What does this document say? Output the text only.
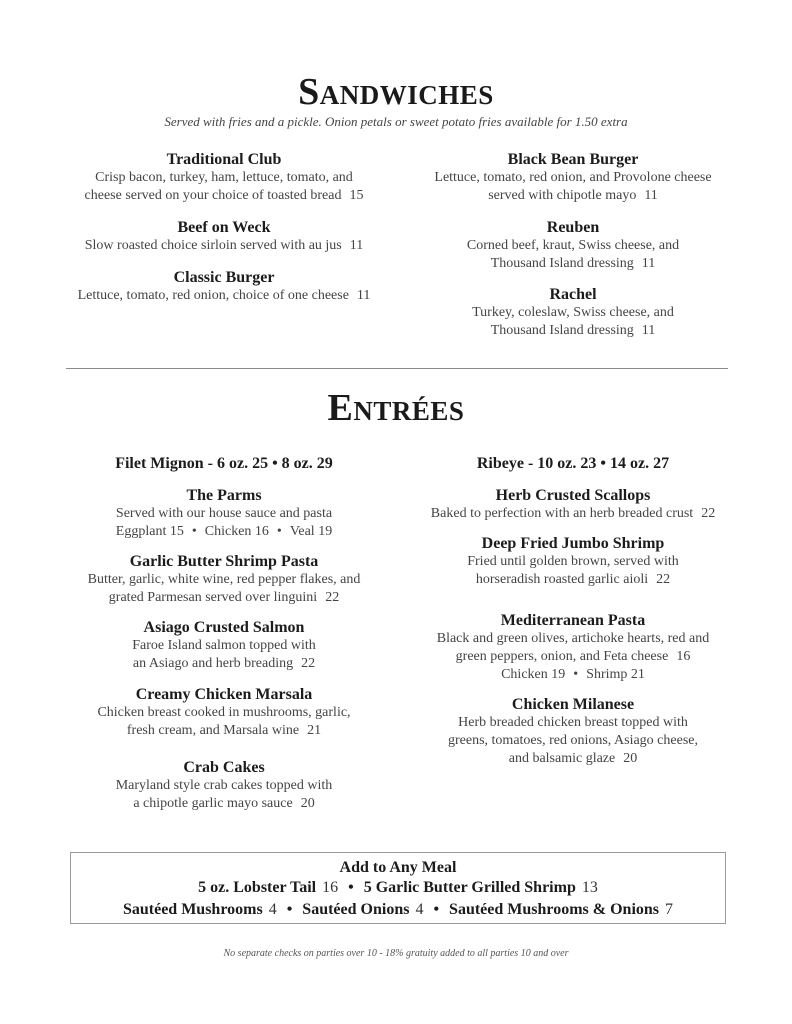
Sandwiches
Served with fries and a pickle. Onion petals or sweet potato fries available for 1.50 extra
Traditional Club
Crisp bacon, turkey, ham, lettuce, tomato, and
cheese served on your choice of toasted bread 15
Beef on Weck
Slow roasted choice sirloin served with au jus 11
Classic Burger
Lettuce, tomato, red onion, choice of one cheese 11
Black Bean Burger
Lettuce, tomato, red onion, and Provolone cheese
served with chipotle mayo 11
Reuben
Corned beef, kraut, Swiss cheese, and
Thousand Island dressing 11
Rachel
Turkey, coleslaw, Swiss cheese, and
Thousand Island dressing 11
Entrées
Filet Mignon - 6 oz. 25 • 8 oz. 29
The Parms
Served with our house sauce and pasta
Eggplant 15 • Chicken 16 • Veal 19
Garlic Butter Shrimp Pasta
Butter, garlic, white wine, red pepper flakes, and
grated Parmesan served over linguini 22
Asiago Crusted Salmon
Faroe Island salmon topped with
an Asiago and herb breading 22
Creamy Chicken Marsala
Chicken breast cooked in mushrooms, garlic,
fresh cream, and Marsala wine 21
Crab Cakes
Maryland style crab cakes topped with
a chipotle garlic mayo sauce 20
Ribeye - 10 oz. 23 • 14 oz. 27
Herb Crusted Scallops
Baked to perfection with an herb breaded crust 22
Deep Fried Jumbo Shrimp
Fried until golden brown, served with
horseradish roasted garlic aioli 22
Mediterranean Pasta
Black and green olives, artichoke hearts, red and
green peppers, onion, and Feta cheese 16
Chicken 19 • Shrimp 21
Chicken Milanese
Herb breaded chicken breast topped with
greens, tomatoes, red onions, Asiago cheese,
and balsamic glaze 20
Add to Any Meal
5 oz. Lobster Tail 16 • 5 Garlic Butter Grilled Shrimp 13
Sautéed Mushrooms 4 • Sautéed Onions 4 • Sautéed Mushrooms & Onions 7
No separate checks on parties over 10 - 18% gratuity added to all parties 10 and over
